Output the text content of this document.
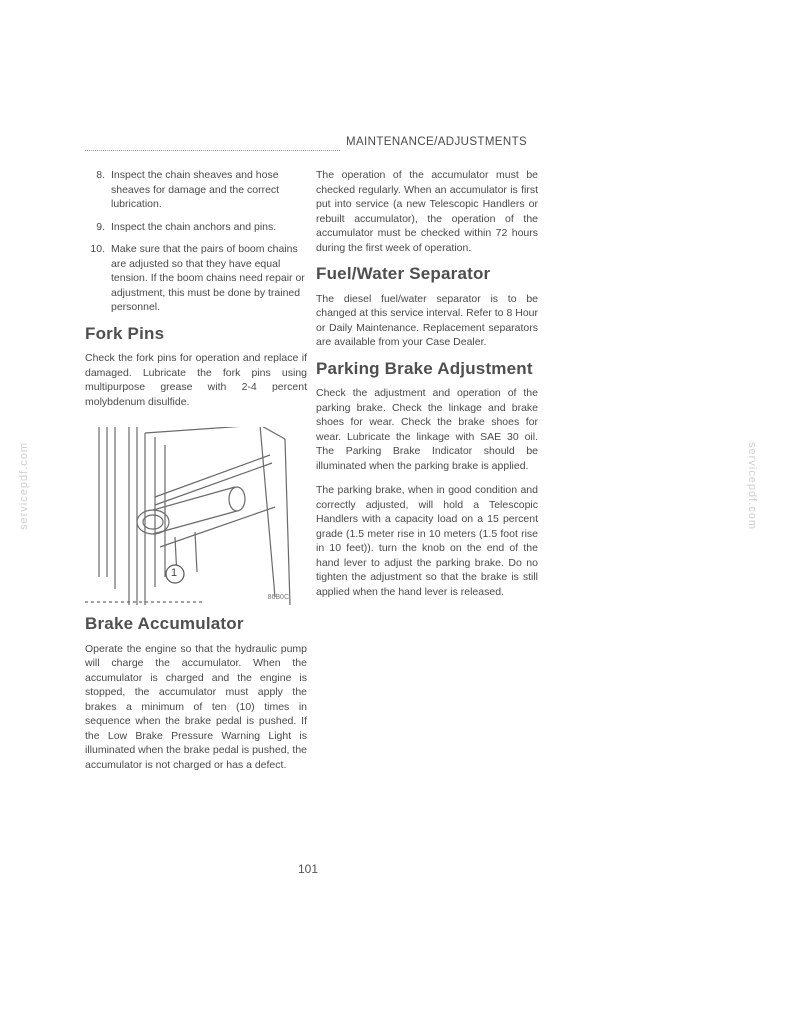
MAINTENANCE/ADJUSTMENTS
servicepdf.com	servicepdf.com
8. Inspect the chain sheaves and hose sheaves for damage and the correct lubrication.
9. Inspect the chain anchors and pins.
10. Make sure that the pairs of boom chains are adjusted so that they have equal tension. If the boom chains need repair or adjustment, this must be done by trained personnel.
Fork Pins

Check the fork pins for operation and replace if damaged. Lubricate the fork pins using multipurpose grease with 2-4 percent molybdenum disulfide.

1
86B0C
Brake Accumulator

Operate the engine so that the hydraulic pump will charge the accumulator. When the accumulator is charged and the engine is stopped, the accumulator must apply the brakes a minimum of ten (10) times in sequence when the brake pedal is pushed. If the Low Brake Pressure Warning Light is illuminated when the brake pedal is pushed, the accumulator is not charged or has a defect.

The operation of the accumulator must be checked regularly. When an accumulator is first put into service (a new Telescopic Handlers or rebuilt accumulator), the operation of the accumulator must be checked within 72 hours during the first week of operation.

Fuel/Water Separator

The diesel fuel/water separator is to be changed at this service interval. Refer to 8 Hour or Daily Maintenance. Replacement separators are available from your Case Dealer.

Parking Brake Adjustment

Check the adjustment and operation of the parking brake. Check the linkage and brake shoes for wear. Check the brake shoes for wear. Lubricate the linkage with SAE 30 oil. The Parking Brake Indicator should be illuminated when the parking brake is applied.

The parking brake, when in good condition and correctly adjusted, will hold a Telescopic Handlers with a capacity load on a 15 percent grade (1.5 meter rise in 10 meters (1.5 foot rise in 10 feet)). turn the knob on the end of the hand lever to adjust the parking brake. Do no tighten the adjustment so that the brake is still applied when the hand lever is released.

101
